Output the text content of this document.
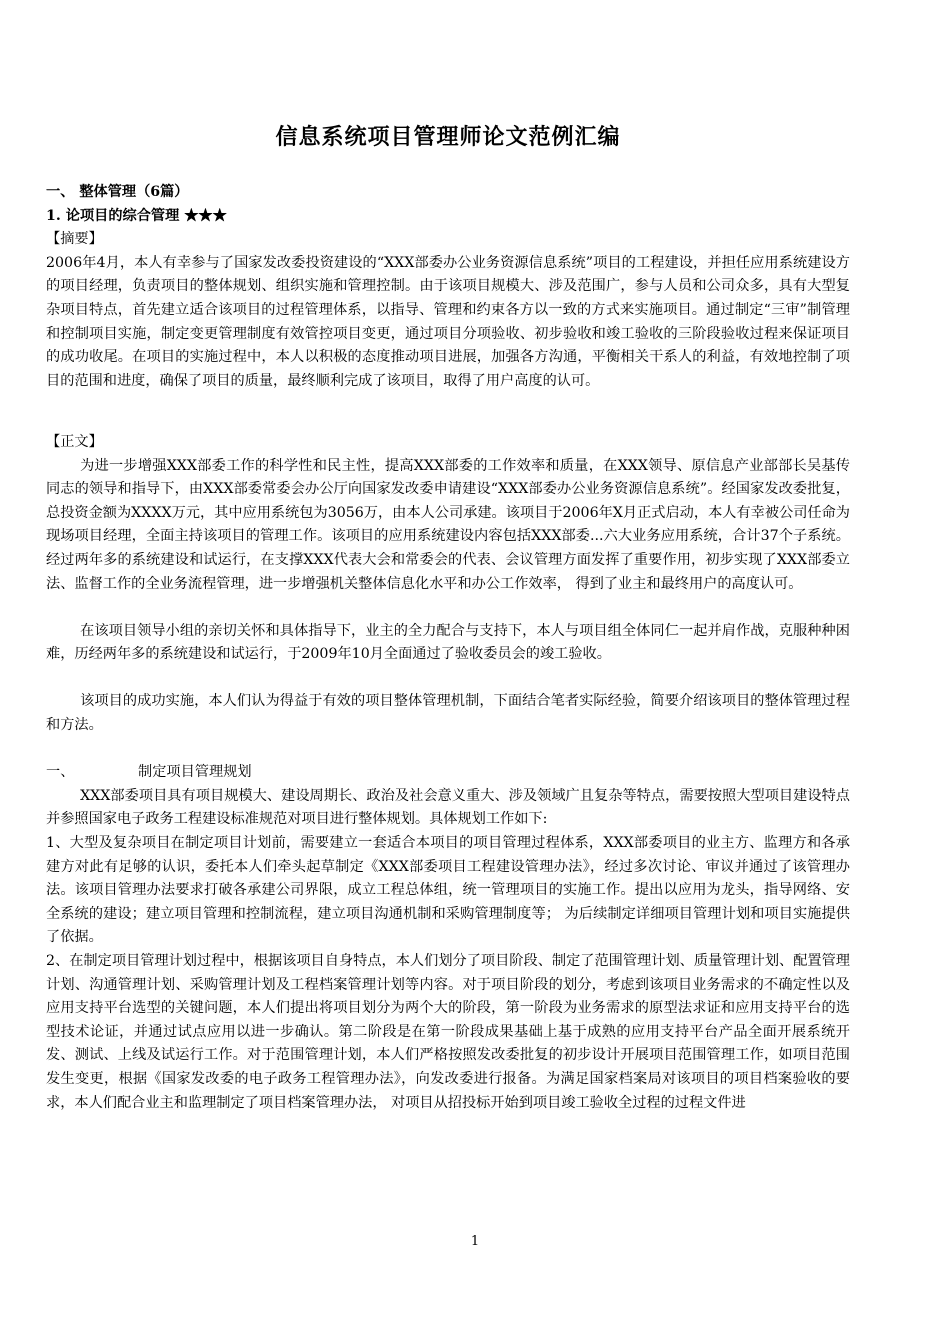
信息系统项目管理师论文范例汇编

一、 整体管理（6篇）

1. 论项目的综合管理 ★★★

【摘要】

2006年4月，本人有幸参与了国家发改委投资建设的“XXX部委办公业务资源信息系统”项目的工程建设，并担任应用系统建设方的项目经理，负责项目的整体规划、组织实施和管理控制。由于该项目规模大、涉及范围广，参与人员和公司众多，具有大型复杂项目特点，首先建立适合该项目的过程管理体系，以指导、管理和约束各方以一致的方式来实施项目。通过制定“三审”制管理和控制项目实施，制定变更管理制度有效管控项目变更，通过项目分项验收、初步验收和竣工验收的三阶段验收过程来保证项目的成功收尾。在项目的实施过程中，本人以积极的态度推动项目进展，加强各方沟通，平衡相关干系人的利益，有效地控制了项目的范围和进度，确保了项目的质量，最终顺利完成了该项目，取得了用户高度的认可。

【正文】

为进一步增强XXX部委工作的科学性和民主性，提高XXX部委的工作效率和质量，在XXX领导、原信息产业部部长吴基传同志的领导和指导下，由XXX部委常委会办公厅向国家发改委申请建设“XXX部委办公业务资源信息系统”。经国家发改委批复，总投资金额为XXXX万元，其中应用系统包为3056万，由本人公司承建。该项目于2006年X月正式启动，本人有幸被公司任命为现场项目经理，全面主持该项目的管理工作。该项目的应用系统建设内容包括XXX部委...六大业务应用系统，合计37个子系统。经过两年多的系统建设和试运行，在支撑XXX代表大会和常委会的代表、会议管理方面发挥了重要作用，初步实现了XXX部委立法、监督工作的全业务流程管理，进一步增强机关整体信息化水平和办公工作效率， 得到了业主和最终用户的高度认可。

在该项目领导小组的亲切关怀和具体指导下，业主的全力配合与支持下，本人与项目组全体同仁一起并肩作战，克服种种困难，历经两年多的系统建设和试运行，于2009年10月全面通过了验收委员会的竣工验收。

该项目的成功实施，本人们认为得益于有效的项目整体管理机制，下面结合笔者实际经验，简要介绍该项目的整体管理过程和方法。

一、	制定项目管理规划

XXX部委项目具有项目规模大、建设周期长、政治及社会意义重大、涉及领域广且复杂等特点，需要按照大型项目建设特点并参照国家电子政务工程建设标准规范对项目进行整体规划。具体规划工作如下:

1、大型及复杂项目在制定项目计划前，需要建立一套适合本项目的项目管理过程体系，XXX部委项目的业主方、监理方和各承建方对此有足够的认识，委托本人们牵头起草制定《XXX部委项目工程建设管理办法》，经过多次讨论、审议并通过了该管理办法。该项目管理办法要求打破各承建公司界限，成立工程总体组，统一管理项目的实施工作。提出以应用为龙头，指导网络、安全系统的建设；建立项目管理和控制流程，建立项目沟通机制和采购管理制度等； 为后续制定详细项目管理计划和项目实施提供了依据。

2、在制定项目管理计划过程中，根据该项目自身特点，本人们划分了项目阶段、制定了范围管理计划、质量管理计划、配置管理计划、沟通管理计划、采购管理计划及工程档案管理计划等内容。对于项目阶段的划分，考虑到该项目业务需求的不确定性以及应用支持平台选型的关键问题，本人们提出将项目划分为两个大的阶段，第一阶段为业务需求的原型法求证和应用支持平台的选型技术论证，并通过试点应用以进一步确认。第二阶段是在第一阶段成果基础上基于成熟的应用支持平台产品全面开展系统开发、测试、上线及试运行工作。对于范围管理计划，本人们严格按照发改委批复的初步设计开展项目范围管理工作，如项目范围发生变更，根据《国家发改委的电子政务工程管理办法》，向发改委进行报备。为满足国家档案局对该项目的项目档案验收的要求，本人们配合业主和监理制定了项目档案管理办法， 对项目从招投标开始到项目竣工验收全过程的过程文件进

1
